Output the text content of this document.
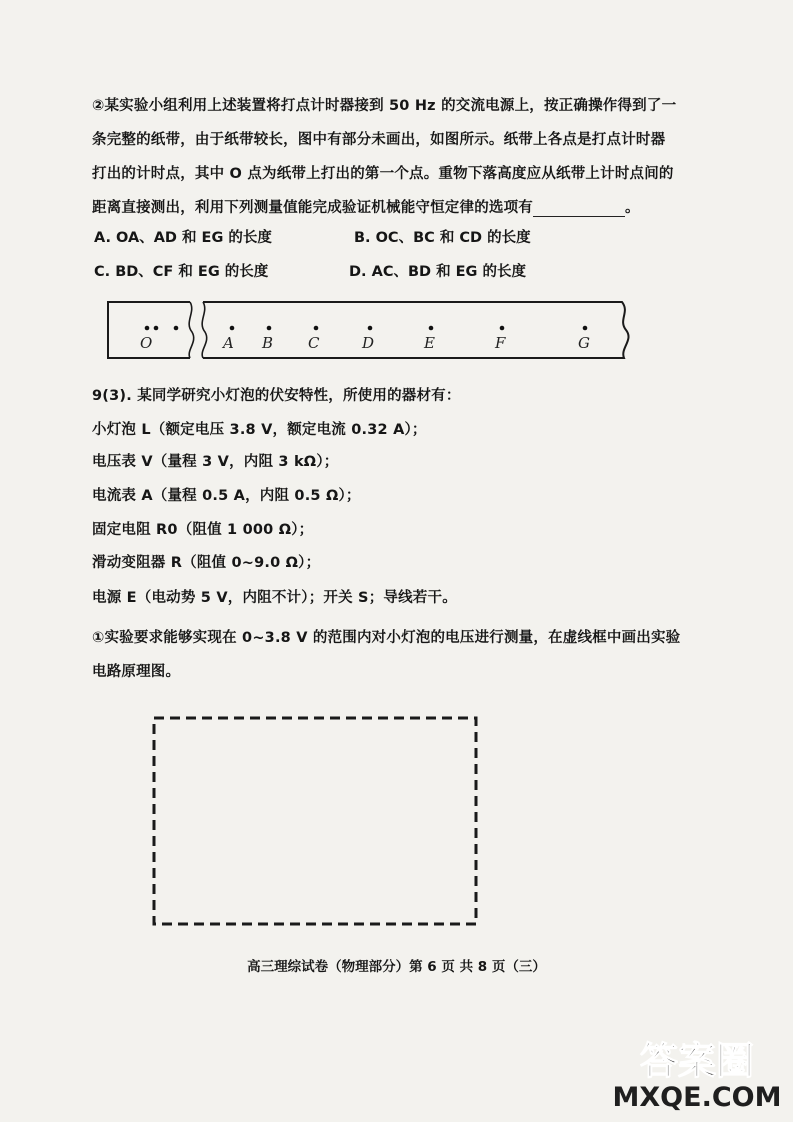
②某实验小组利用上述装置将打点计时器接到 50 Hz 的交流电源上，按正确操作得到了一
条完整的纸带，由于纸带较长，图中有部分未画出，如图所示。纸带上各点是打点计时器
打出的计时点，其中 O 点为纸带上打出的第一个点。重物下落高度应从纸带上计时点间的
距离直接测出，利用下列测量值能完成验证机械能守恒定律的选项有	。
A. OA、AD 和 EG 的长度	B. OC、BC 和 CD 的长度
C. BD、CF 和 EG 的长度	D. AC、BD 和 EG 的长度
O	A B C	D	E	F	G
9(3). 某同学研究小灯泡的伏安特性，所使用的器材有：
小灯泡 L（额定电压 3.8 V，额定电流 0.32 A）；
电压表 V（量程 3 V，内阻 3 kΩ）；
电流表 A（量程 0.5 A，内阻 0.5 Ω）；
固定电阻 R0（阻值 1 000 Ω）；
滑动变阻器 R（阻值 0~9.0 Ω）；
电源 E（电动势 5 V，内阻不计）；开关 S；导线若干。
①实验要求能够实现在 0~3.8 V 的范围内对小灯泡的电压进行测量，在虚线框中画出实验
电路原理图。
高三理综试卷（物理部分）第 6 页 共 8 页（三）
答案圈
MXQE.COM
